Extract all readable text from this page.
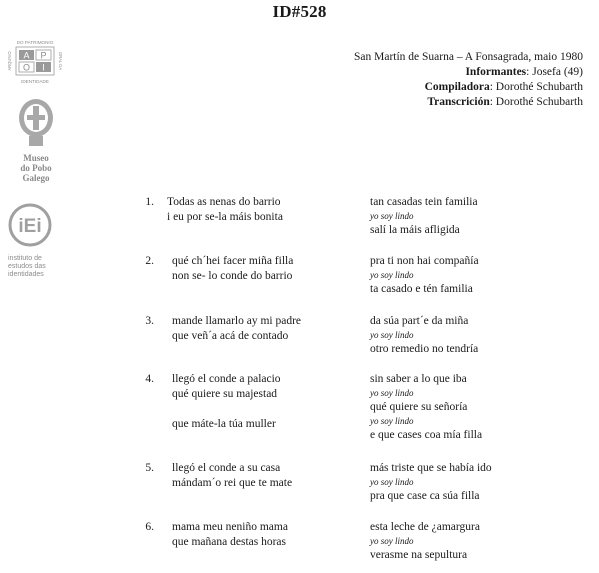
ID#528
DO PATRIMONIO
IDENTIDADE
ARQUIVO	ORAL DA
A P
O I
Museo
do Pobo
Galego
iEi
instituto de
estudos das
identidades
San Martín de Suarna – A Fonsagrada, maio 1980
Informantes: Josefa (49)
Compiladora: Dorothé Schubarth
Transcrición: Dorothé Schubarth
1. Todas as nenas do barrio
i eu por se-la máis bonita
tan casadas tein familia
yo soy lindo
salí la máis afligida
2. qué ch´hei facer miña filla
non se- lo conde do barrio
pra ti non hai compañía
yo soy lindo
ta casado e tén familia
3. mande llamarlo ay mi padre
que veñ´a acá de contado
da súa part´e da miña
yo soy lindo
otro remedio no tendría
4. llegó el conde a palacio
qué quiere su majestad
que máte-la túa muller
sin saber a lo que iba
yo soy lindo
qué quiere su señoría
yo soy lindo
e que cases coa mía filla
5. llegó el conde a su casa
mándam´o rei que te mate
más triste que se había ido
yo soy lindo
pra que case ca súa filla
6. mama meu neniño mama
que mañana destas horas
esta leche de ¿amargura
yo soy lindo
verasme na sepultura
